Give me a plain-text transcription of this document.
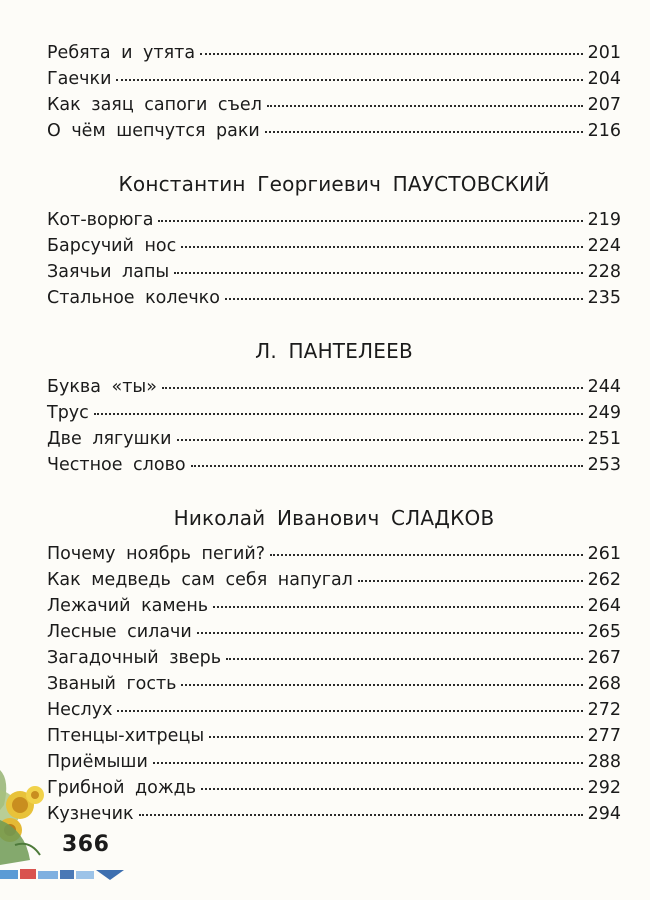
Ребята и утята	201
Гаечки	204
Как заяц сапоги съел	207
О чём шепчутся раки	216
Константин Георгиевич ПАУСТОВСКИЙ
Кот-ворюга	219
Барсучий нос	224
Заячьи лапы	228
Стальное колечко	235
Л. ПАНТЕЛЕЕВ
Буква «ты»	244
Трус	249
Две лягушки	251
Честное слово	253
Николай Иванович СЛАДКОВ
Почему ноябрь пегий?	261
Как медведь сам себя напугал	262
Лежачий камень	264
Лесные силачи	265
Загадочный зверь	267
Званый гость	268
Неслух	272
Птенцы-хитрецы	277
Приёмыши	288
Грибной дождь	292
Кузнечик	294
366
